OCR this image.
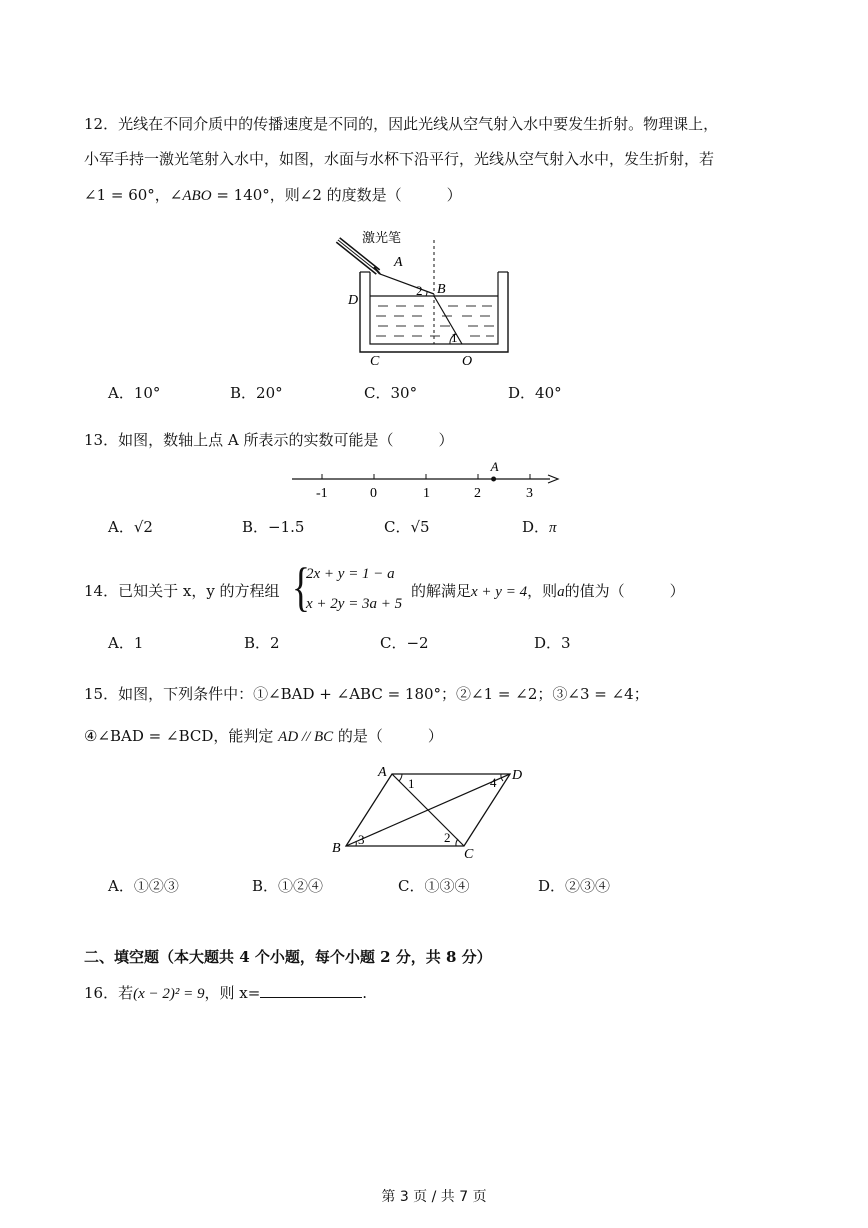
12．光线在不同介质中的传播速度是不同的，因此光线从空气射入水中要发生折射。物理课上，
小军手持一激光笔射入水中，如图，水面与水杯下沿平行，光线从空气射入水中，发生折射，若
∠1 = 60°，∠ABO = 140°，则∠2 的度数是（　　　）
激光笔
A
B
2
1
D
C	O
A．10°	B．20°	C．30°	D．40°
13．如图，数轴上点 A 所表示的实数可能是（　　　）
-1	0	1	2	3
A
A．√2	B．−1.5	C．√5	D．π
14．已知关于 x，y 的方程组 {
2x + y = 1 − a
x + 2y = 3a + 5
的解满足x + y = 4，则a的值为（　　　）
A．1	B．2	C．−2	D．3
15．如图，下列条件中：①∠BAD + ∠ABC = 180°；②∠1 = ∠2；③∠3 = ∠4；
④∠BAD = ∠BCD，能判定 AD // BC 的是（　　　）
A	D
B	C
1	4
3	2
A．①②③	B．①②④	C．①③④	D．②③④
二、填空题（本大题共 4 个小题，每个小题 2 分，共 8 分）
16．若(x − 2)² = 9，则 x=	.
第 3 页 / 共 7 页
